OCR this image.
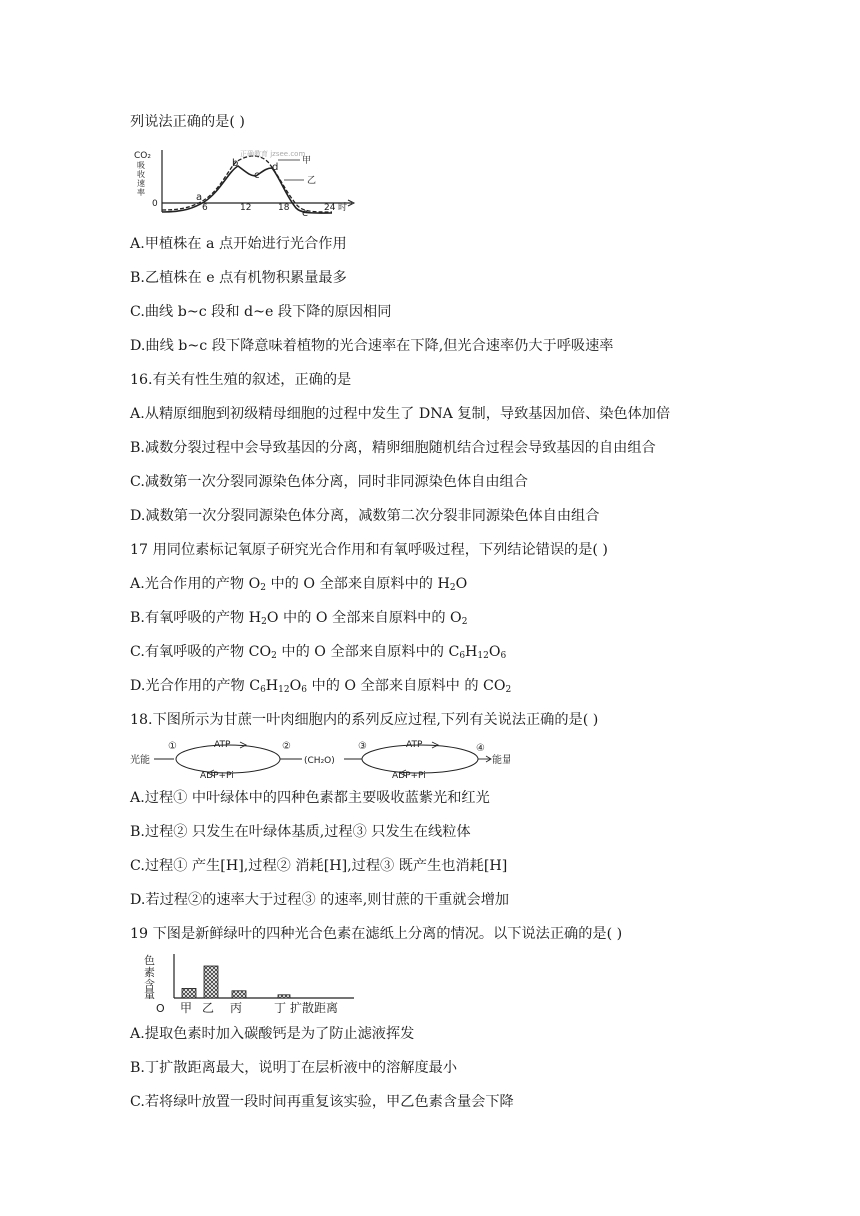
列说法正确的是( )
CO₂
吸
收
速
率
0
a
b
c
d
e
6	12	18	24 时
甲
乙
正确教育 jzsee.com
A.甲植株在 a 点开始进行光合作用
B.乙植株在 e 点有机物积累量最多
C.曲线 b~c 段和 d~e 段下降的原因相同
D.曲线 b~c 段下降意味着植物的光合速率在下降,但光合速率仍大于呼吸速率
16.有关有性生殖的叙述，正确的是
A.从精原细胞到初级精母细胞的过程中发生了 DNA 复制，导致基因加倍、染色体加倍
B.减数分裂过程中会导致基因的分离，精卵细胞随机结合过程会导致基因的自由组合
C.减数第一次分裂同源染色体分离，同时非同源染色体自由组合
D.减数第一次分裂同源染色体分离，减数第二次分裂非同源染色体自由组合
17 用同位素标记氧原子研究光合作用和有氧呼吸过程，下列结论错误的是( )
A.光合作用的产物 $O_2$ 中的 O 全部来自原料中的 $H_2O$
B.有氧呼吸的产物 $H_2O$ 中的 O 全部来自原料中的 $O_2$
C.有氧呼吸的产物 $CO_2$ 中的 O 全部来自原料中的 $C_6H_{12}O_6$
D.光合作用的产物 $C_6H_{12}O_6$ 中的 O 全部来自原料中 的 $CO_2$
18.下图所示为甘蔗一叶肉细胞内的系列反应过程,下列有关说法正确的是( )
光能
①	ATP
ADP+Pi
②
(CH₂O)
③	ATP
ADP+Pi
④
能量
A.过程① 中叶绿体中的四种色素都主要吸收蓝紫光和红光
B.过程② 只发生在叶绿体基质,过程③ 只发生在线粒体
C.过程① 产生[H],过程② 消耗[H],过程③ 既产生也消耗[H]
D.若过程②的速率大于过程③ 的速率,则甘蔗的干重就会增加
19 下图是新鲜绿叶的四种光合色素在滤纸上分离的情况。以下说法正确的是( )
色
素
含
量
O 甲 乙 丙	丁 扩散距离
A.提取色素时加入碳酸钙是为了防止滤液挥发
B.丁扩散距离最大，说明丁在层析液中的溶解度最小
C.若将绿叶放置一段时间再重复该实验，甲乙色素含量会下降
